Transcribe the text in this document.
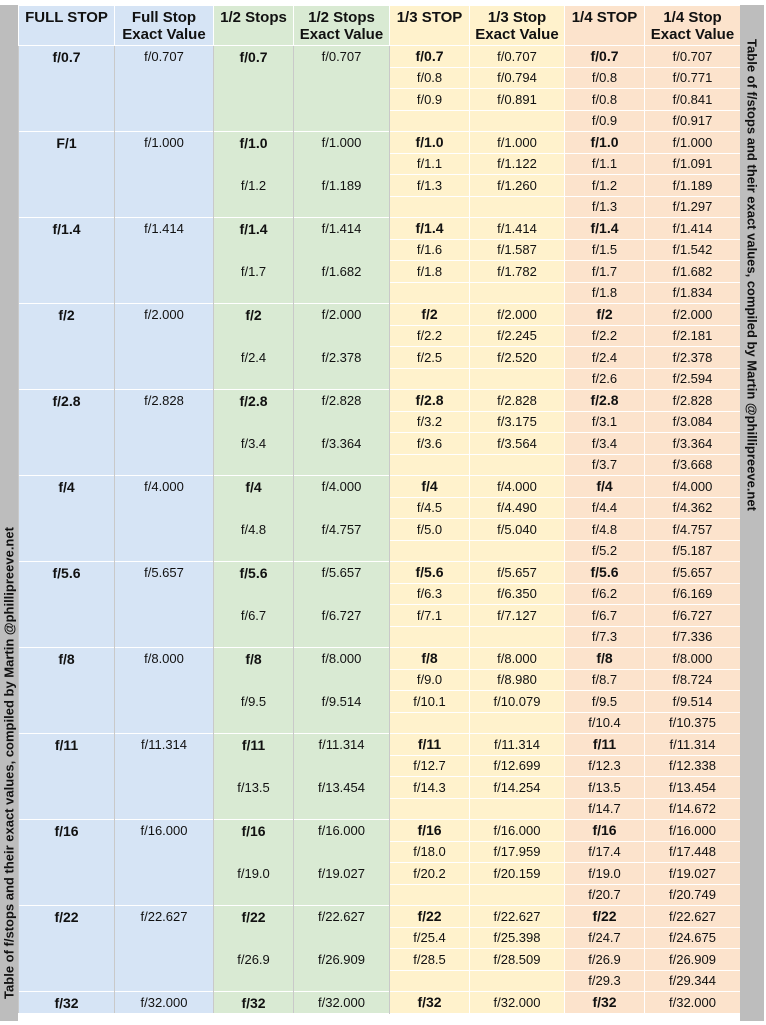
Table of f/stops and their exact values, compiled by Martin @phillipreeve.net
FULL STOP	Full Stop Exact Value	1/2 Stops	1/2 Stops Exact Value	1/3 STOP	1/3 Stop Exact Value	1/4 STOP	1/4 Stop Exact Value
f/0.7	f/0.707	f/0.7	f/0.707	f/0.7	f/0.707	f/0.7	f/0.707
				f/0.8	f/0.794	f/0.8	f/0.771
				f/0.9	f/0.891	f/0.8	f/0.841
						f/0.9	f/0.917
F/1	f/1.000	f/1.0	f/1.000	f/1.0	f/1.000	f/1.0	f/1.000
				f/1.1	f/1.122	f/1.1	f/1.091
		f/1.2	f/1.189	f/1.3	f/1.260	f/1.2	f/1.189
						f/1.3	f/1.297
f/1.4	f/1.414	f/1.4	f/1.414	f/1.4	f/1.414	f/1.4	f/1.414
				f/1.6	f/1.587	f/1.5	f/1.542
		f/1.7	f/1.682	f/1.8	f/1.782	f/1.7	f/1.682
						f/1.8	f/1.834
f/2	f/2.000	f/2	f/2.000	f/2	f/2.000	f/2	f/2.000
				f/2.2	f/2.245	f/2.2	f/2.181
		f/2.4	f/2.378	f/2.5	f/2.520	f/2.4	f/2.378
						f/2.6	f/2.594
f/2.8	f/2.828	f/2.8	f/2.828	f/2.8	f/2.828	f/2.8	f/2.828
				f/3.2	f/3.175	f/3.1	f/3.084
		f/3.4	f/3.364	f/3.6	f/3.564	f/3.4	f/3.364
						f/3.7	f/3.668
f/4	f/4.000	f/4	f/4.000	f/4	f/4.000	f/4	f/4.000
				f/4.5	f/4.490	f/4.4	f/4.362
		f/4.8	f/4.757	f/5.0	f/5.040	f/4.8	f/4.757
						f/5.2	f/5.187
f/5.6	f/5.657	f/5.6	f/5.657	f/5.6	f/5.657	f/5.6	f/5.657
				f/6.3	f/6.350	f/6.2	f/6.169
		f/6.7	f/6.727	f/7.1	f/7.127	f/6.7	f/6.727
						f/7.3	f/7.336
f/8	f/8.000	f/8	f/8.000	f/8	f/8.000	f/8	f/8.000
				f/9.0	f/8.980	f/8.7	f/8.724
		f/9.5	f/9.514	f/10.1	f/10.079	f/9.5	f/9.514
						f/10.4	f/10.375
f/11	f/11.314	f/11	f/11.314	f/11	f/11.314	f/11	f/11.314
				f/12.7	f/12.699	f/12.3	f/12.338
		f/13.5	f/13.454	f/14.3	f/14.254	f/13.5	f/13.454
						f/14.7	f/14.672
f/16	f/16.000	f/16	f/16.000	f/16	f/16.000	f/16	f/16.000
				f/18.0	f/17.959	f/17.4	f/17.448
		f/19.0	f/19.027	f/20.2	f/20.159	f/19.0	f/19.027
						f/20.7	f/20.749
f/22	f/22.627	f/22	f/22.627	f/22	f/22.627	f/22	f/22.627
				f/25.4	f/25.398	f/24.7	f/24.675
		f/26.9	f/26.909	f/28.5	f/28.509	f/26.9	f/26.909
						f/29.3	f/29.344
f/32	f/32.000	f/32	f/32.000	f/32	f/32.000	f/32	f/32.000
Table of f/stops and their exact values, compiled by Martin @phillipreeve.net
